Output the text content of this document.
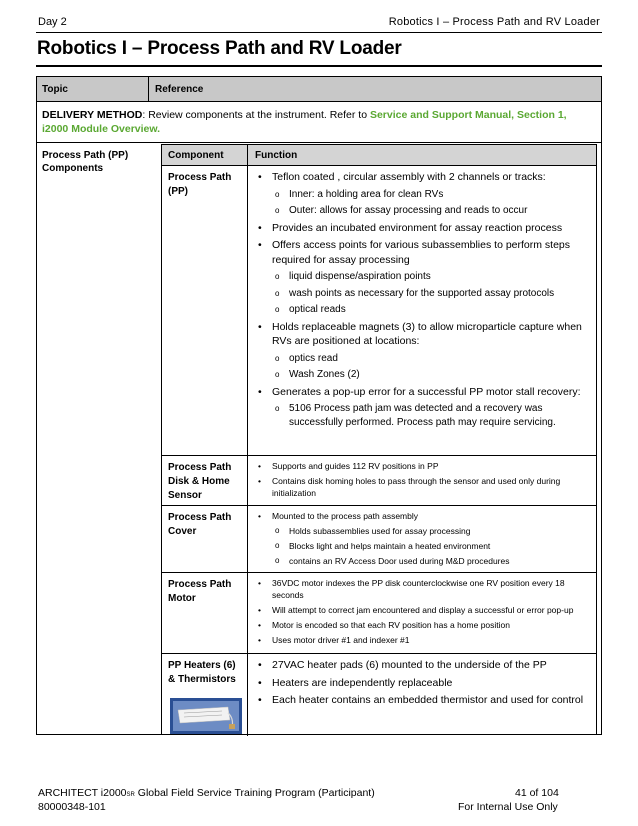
Day 2	Robotics I – Process Path and RV Loader
Robotics I – Process Path and RV Loader
Topic	Reference
DELIVERY METHOD: Review components at the instrument. Refer to Service and Support Manual, Section 1, i2000 Module Overview.
Process Path (PP) Components
Component	Function
Process Path (PP)
• Teflon coated , circular assembly with 2 channels or tracks:
o Inner: a holding area for clean RVs
o Outer: allows for assay processing and reads to occur
• Provides an incubated environment for assay reaction process
• Offers access points for various subassemblies to perform steps required for assay processing
o liquid dispense/aspiration points
o wash points as necessary for the supported assay protocols
o optical reads
• Holds replaceable magnets (3) to allow microparticle capture when RVs are positioned at locations:
o optics read
o Wash Zones (2)
• Generates a pop-up error for a successful PP motor stall recovery:
o 5106 Process path jam was detected and a recovery was successfully performed. Process path may require servicing.
Process Path Disk & Home Sensor
• Supports and guides 112 RV positions in PP
• Contains disk homing holes to pass through the sensor and used only during initialization
Process Path Cover
• Mounted to the process path assembly
o Holds subassemblies used for assay processing
o Blocks light and helps maintain a heated environment
o contains an RV Access Door used during M&D procedures
Process Path Motor
• 36VDC motor indexes the PP disk counterclockwise one RV position every 18 seconds
• Will attempt to correct jam encountered and display a successful or error pop-up
• Motor is encoded so that each RV position has a home position
• Uses motor driver #1 and indexer #1
PP Heaters (6) & Thermistors
• 27VAC heater pads (6) mounted to the underside of the PP
• Heaters are independently replaceable
• Each heater contains an embedded thermistor and used for control
ARCHITECT i2000SR Global Field Service Training Program (Participant)	41 of 104
80000348-101	For Internal Use Only
